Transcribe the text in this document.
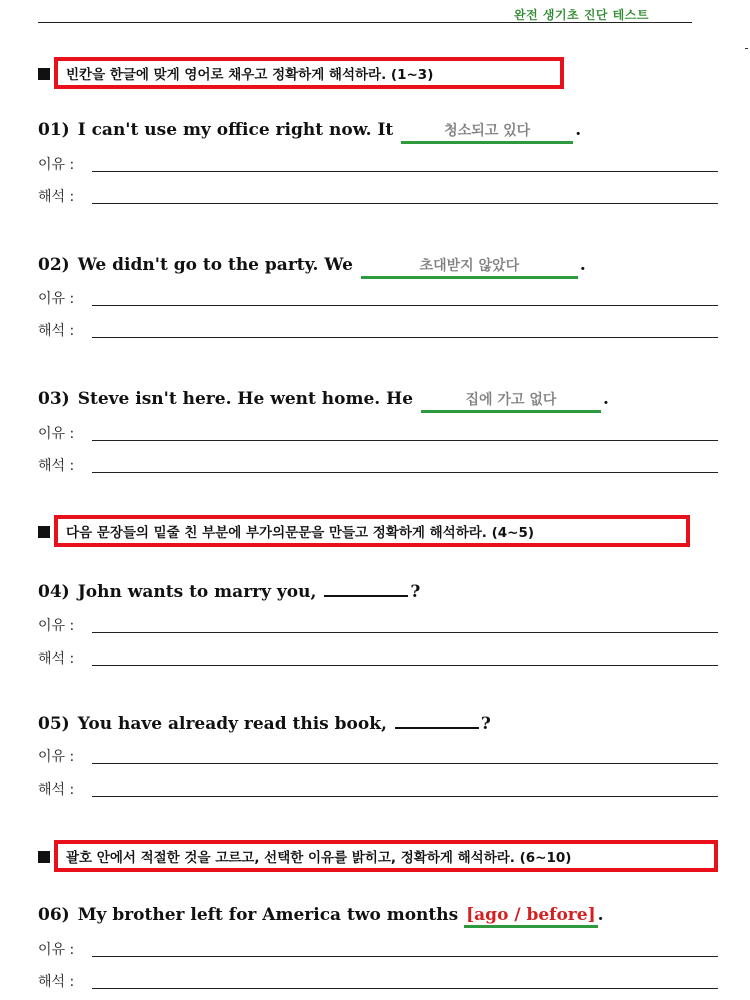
완전 생기초 진단 테스트
빈칸을 한글에 맞게 영어로 채우고 정확하게 해석하라. (1~3)
01) I can't use my office right now. It	청소되고 있다	.
이유 :
해석 :
02) We didn't go to the party. We	초대받지 않았다	.
이유 :
해석 :
03) Steve isn't here. He went home. He	집에 가고 없다	.
이유 :
해석 :
다음 문장들의 밑줄 친 부분에 부가의문문을 만들고 정확하게 해석하라. (4~5)
04) John wants to marry you,	?
이유 :
해석 :
05) You have already read this book,	?
이유 :
해석 :
괄호 안에서 적절한 것을 고르고, 선택한 이유를 밝히고, 정확하게 해석하라. (6~10)
06) My brother left for America two months [ago / before] .
이유 :
해석 :
